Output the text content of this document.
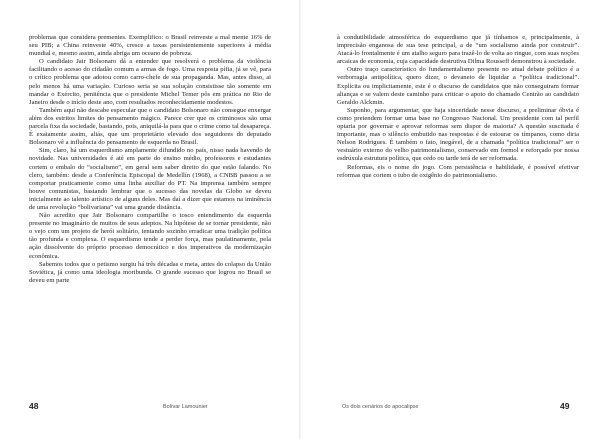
problemas que considera prementes. Exemplifico: o Brasil reinveste a mal mente 16% de seu PIB; a China reinveste 40%, cresce a taxas persistentemente superiores à média mundial e, mesmo assim, ainda abriga um oceano de pobreza.

O candidato Jair Bolsonaro dá a entender que resolverá o problema da violência facilitando o acesso do cidadão comum a armas de fogo. Uma resposta pífia, já se vê, para o crítico problema que adotou como carro-chefe de sua propaganda. Mas, antes disso, ai pelo menos há uma variação. Curioso seria se sua solução consistisse tão somente em mandar o Exército, penitência que o presidente Michel Temer pôs em prática no Rio de Janeiro desde o início deste ano, com resultados reconhecidamente modestos.

Também aqui não descabe especular que o candidato Bolsonaro não consegue enxergar além dos estritos limites do pensamento mágico. Parece crer que os criminosos são uma parcela fixa da sociedade, bastando, pois, aniquilá-la para que o crime como tal desapareça. É exatamente assim, aliás, que um proprietário elevado dos seguidores do deputado Bolsonaro vê a influência do pensamento de esquerda no Brasil.

Sim, claro, há um esquerdismo amplamente difundido no país, nisso nada havendo de novidade. Nas universidades é até em parte do ensino médio, professores e estudantes cortem o embalo do “socialismo”, em geral sem saber direito do que estão falando. No clero, também: desde a Conferência Episcopal de Medellín (1968), a CNBB passou a se comportar praticamente como uma linha auxiliar do PT. Na imprensa também sempre houve comunistas, bastando lembrar que o sucesso das novelas da Globo se deveu inicialmente ao talento artístico de alguns deles. Mas daí a dizer que estamos na iminência de uma revolução “bolivariana” vai uma grande distância.

Não acredito que Jair Bolsonaro compartilhe o tosco entendimento da esquerda presente no imaginário de muitos de seus adeptos. Na hipótese de se tornar presidente, não o vejo com um projeto de herói solitário, tentando sozinho erradicar uma tradição política tão profunda e complexa. O esquerdismo tende a perder força, mas paulatinamente, pela ação dissolvente do próprio processo democrático e dos imperativos da modernização econômica.

Sabemos todos que o petismo surgiu há três décadas e meia, antes do colapso da União Soviética, já como uma ideologia moribunda. O grande sucesso que logrou no Brasil se deveu em parte

48	Bolívar Lamounier

à condutibilidade atmosférica do esquerdismo que já tínhamos e, principalmente, à imprecisão enganosa de sua tese principal, a de “um socialismo ainda por construir”. Atacá-lo frontalmente é um atalho seguro para trazê-lo de volta ao ringue, com suas noções arcaicas de economia, cuja capacidade destrutiva Dilma Rousseff demonstrou à sociedade.

Outro traço característico do fundamentalismo presente no atual debate político é a verborragia antipolítica, quero dizer, o devaneio de liquidar a “política tradicional”. Explícita ou implicitamente, este é o discurso de candidatos que não conseguiram formar alianças e se valem deste caminho para criticar o apoio do chamado Centrão ao candidato Geraldo Alckmin.

Suponho, para argumentar, que haja sinceridade nesse discurso, a preliminar óbvia é como pretendem formar uma base no Congresso Nacional. Um presidente com tal perfil optaria por governar e aprovar reformas sem dispor de maioria? A questão suscitada é importante, mas o silêncio embutido nas respostas é de estourar os tímpanos, como diria Nelson Rodrigues. É também o fato, inegável, de a chamada “política tradicional” ser o vestuário externo do velho patrimonialismo, conservado em formol e reforçado por nossa esdrúxula estrutura política, que cedo ou tarde terá de ser reformada.

Reformas, eis o nome do jogo. Com persistência e habilidade, é possível efetivar reformas que cortem o tubo de oxigênio do patrimonialismo.

Os dois cenários do apocalipse	49
